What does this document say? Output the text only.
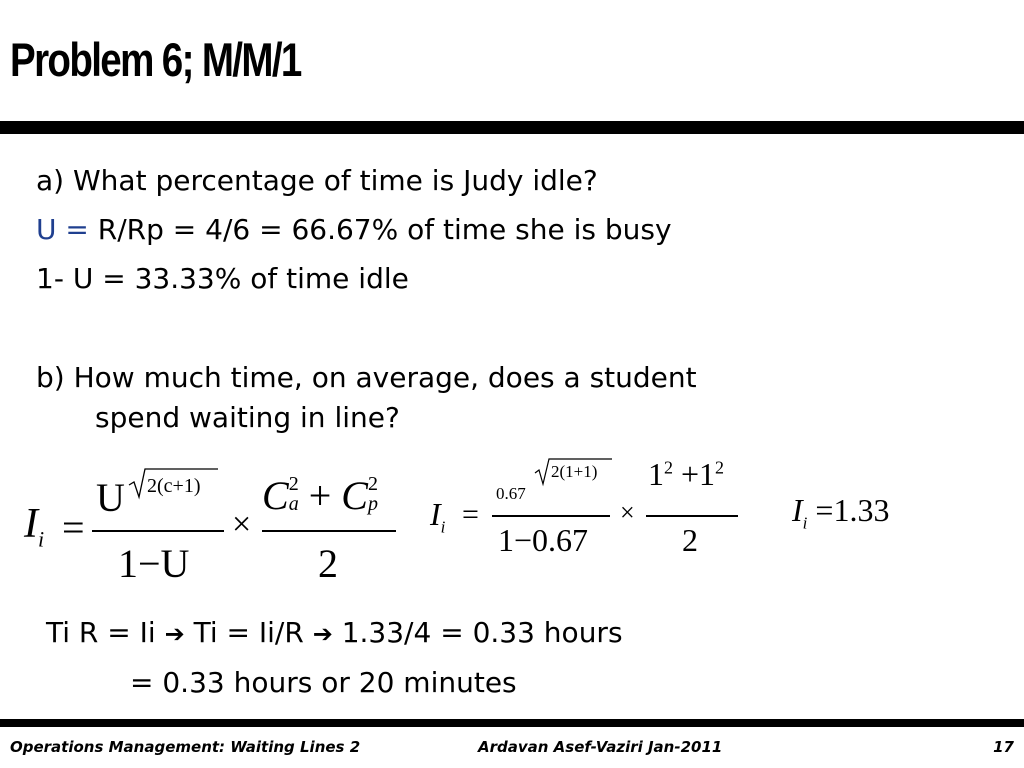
Problem 6; M/M/1
a) What percentage of time is Judy idle?
U = R/Rp = 4/6 = 66.67% of time she is busy
1- U = 33.33% of time idle
b) How much time, on average, does a student
spend waiting in line?
$I_i$ =
U 2(c+1)
1−U
×
C 2
a + C 2
p
2
$I_i$ =
0.67
2(1+1)
1−0.67
×
$1^2 +1^2$
2
$I_i =1.33$
Ti R = Ii ➔ Ti = Ii/R ➔ 1.33/4 = 0.33 hours
= 0.33 hours or 20 minutes
Operations Management: Waiting Lines 2	Ardavan Asef-Vaziri Jan-2011	17
